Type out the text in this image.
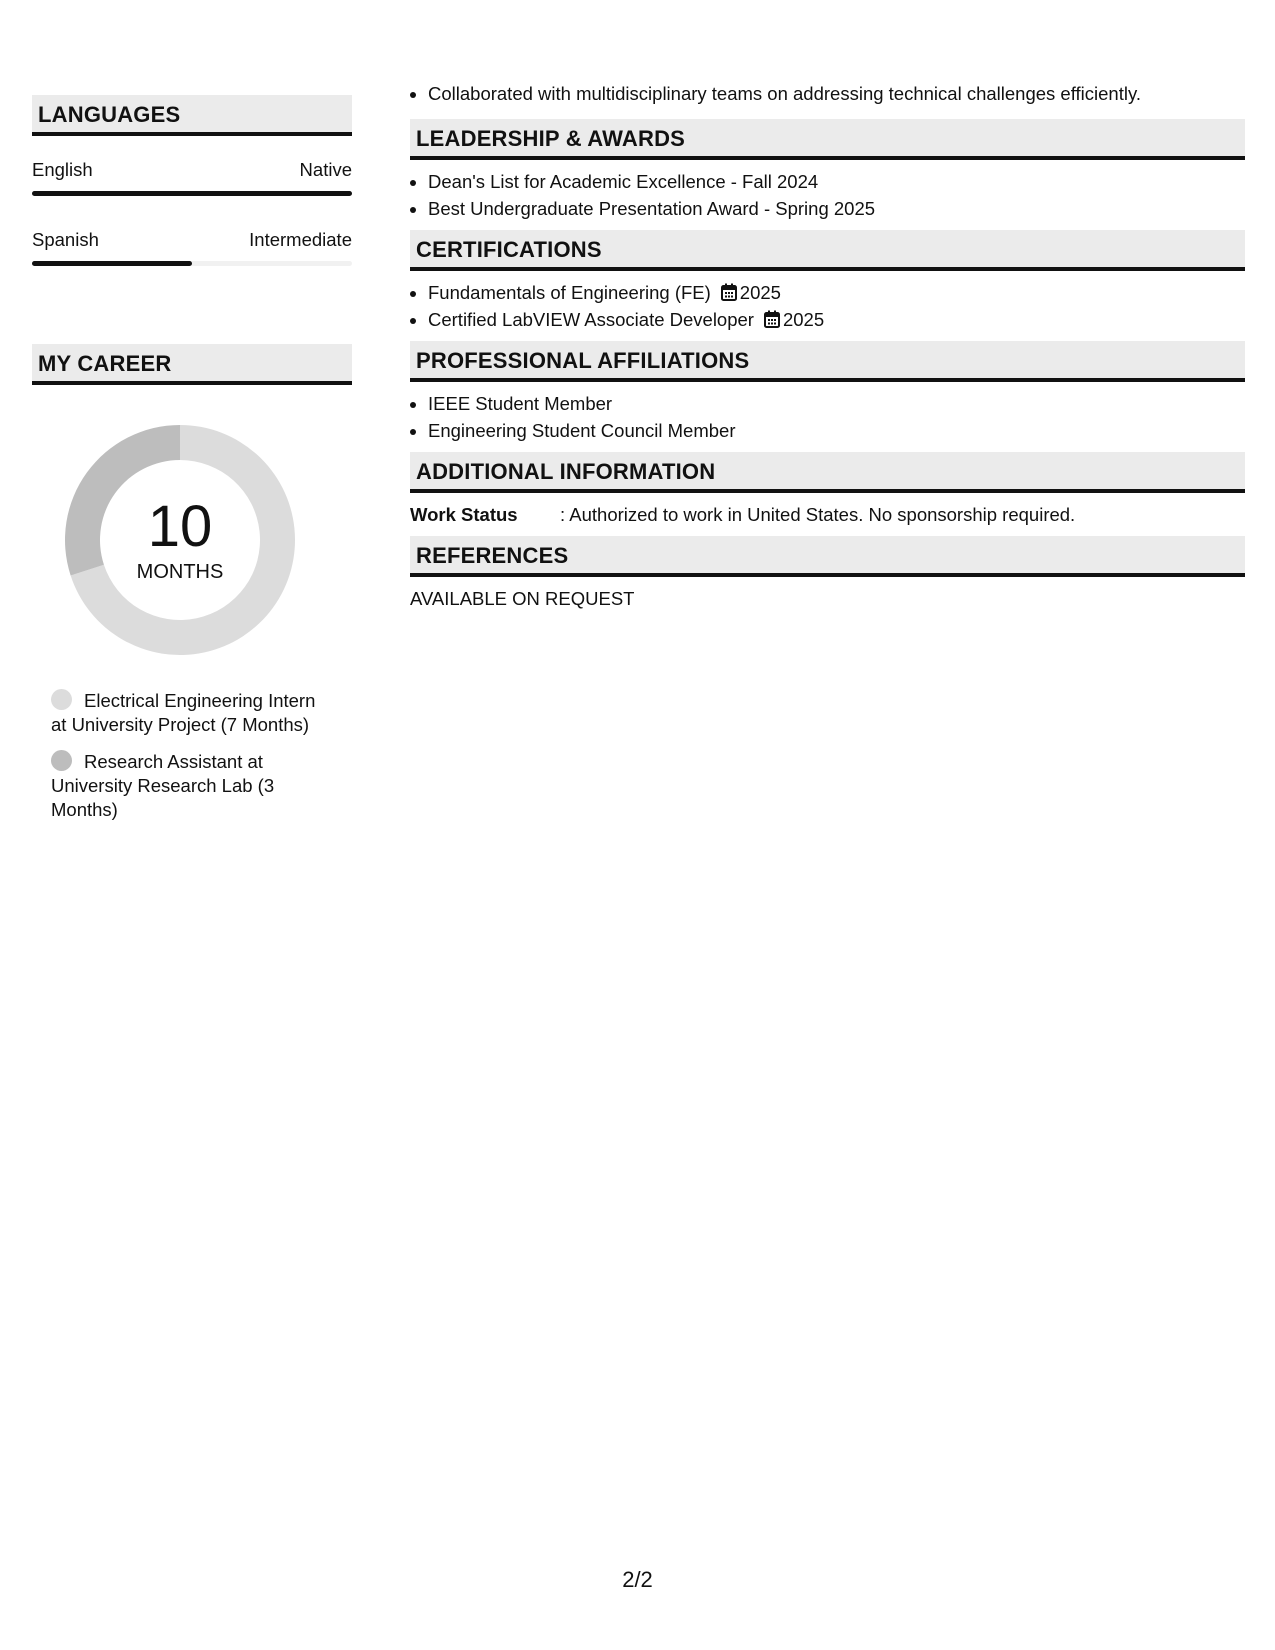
LANGUAGES
English	Native
Spanish	Intermediate
MY CAREER
10
MONTHS
Electrical Engineering Intern at University Project (7 Months)
Research Assistant at University Research Lab (3 Months)
• Collaborated with multidisciplinary teams on addressing technical challenges efficiently.
LEADERSHIP & AWARDS
• Dean's List for Academic Excellence - Fall 2024
• Best Undergraduate Presentation Award - Spring 2025
CERTIFICATIONS
• Fundamentals of Engineering (FE) 2025
• Certified LabVIEW Associate Developer 2025
PROFESSIONAL AFFILIATIONS
• IEEE Student Member
• Engineering Student Council Member
ADDITIONAL INFORMATION
Work Status	: Authorized to work in United States. No sponsorship required.
REFERENCES
AVAILABLE ON REQUEST
2/2
